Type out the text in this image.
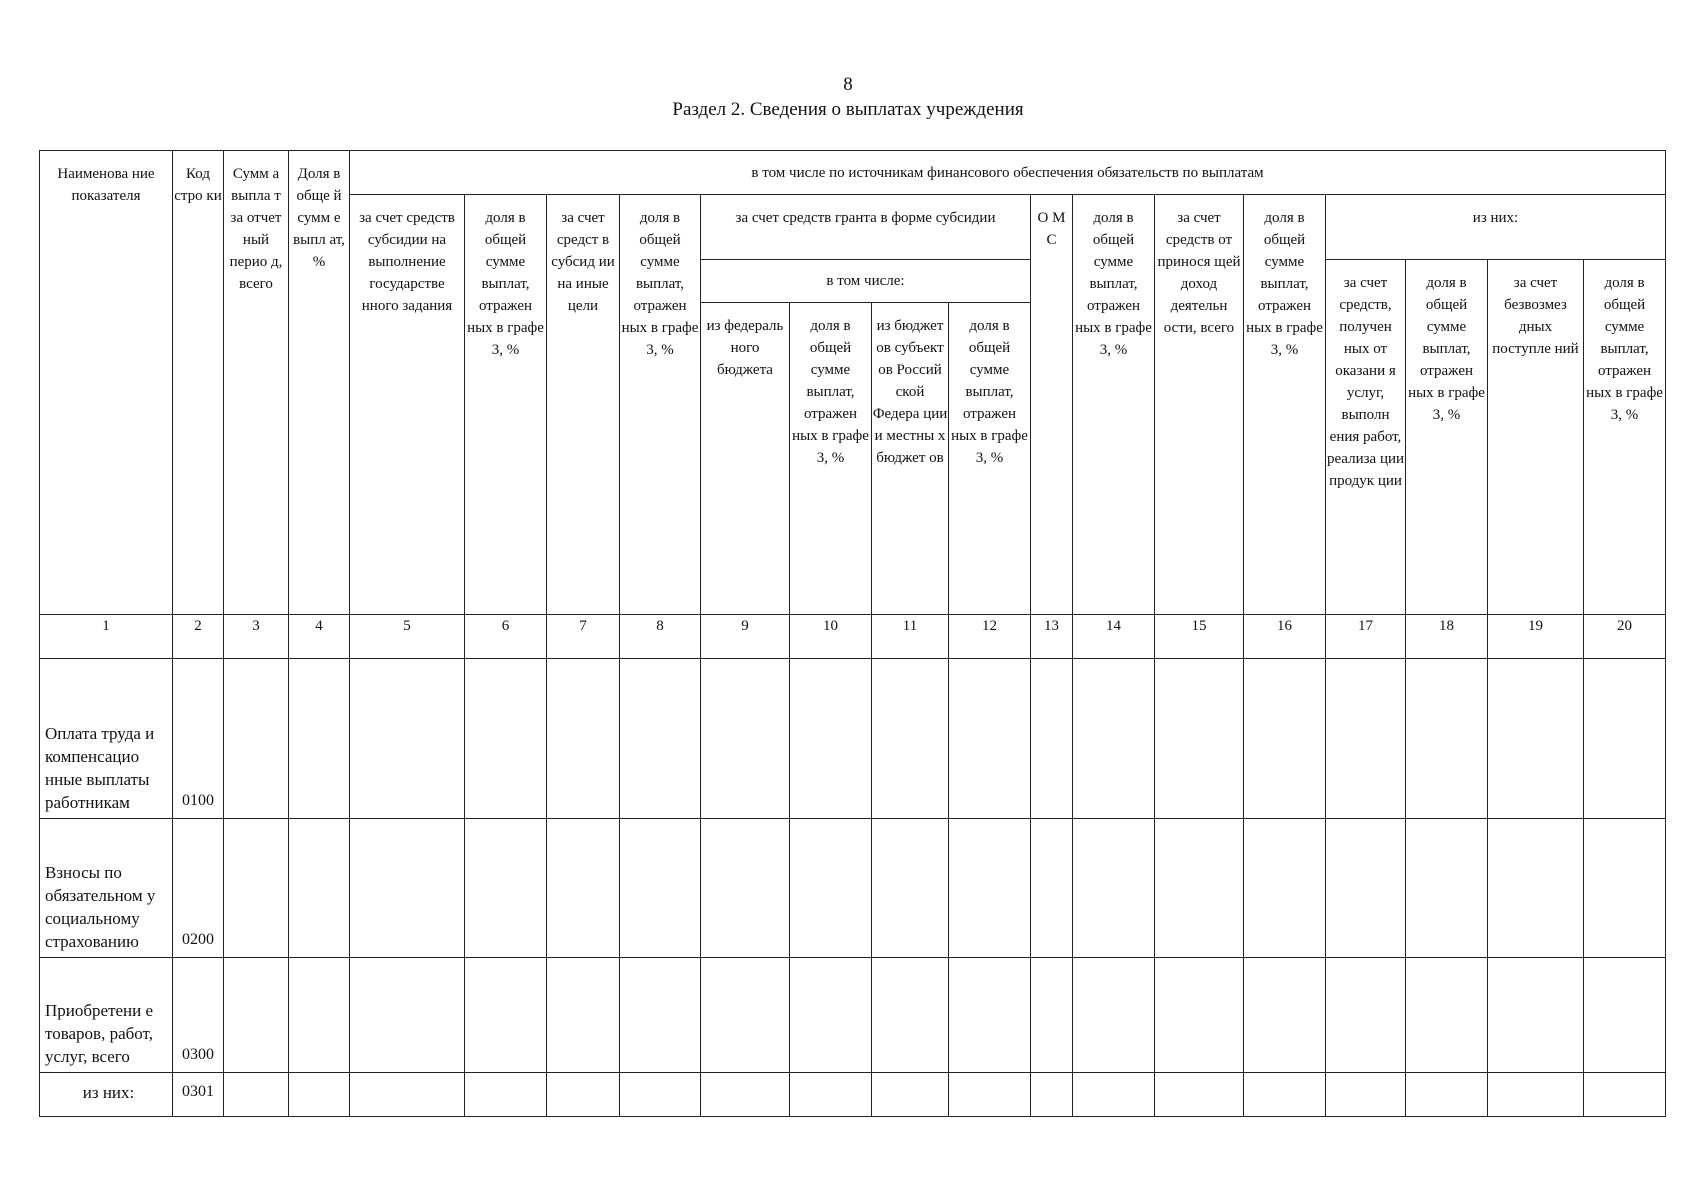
8
Раздел 2. Сведения о выплатах учреждения
Наименова ние показателя	Код стро ки	Сумм а выпла т за отчет ный перио д, всего	Доля в обще й сумм е выпл ат, %	в том числе по источникам финансового обеспечения обязательств по выплатам															
				за счет средств субсидии на выполнение государстве нного задания	доля в общей сумме выплат, отражен ных в графе 3, %	за счет средст в субсид ии на иные цели	доля в общей сумме выплат, отражен ных в графе 3, %	за счет средств гранта в форме субсидии				О М С	доля в общей сумме выплат, отражен ных в графе 3, %	за счет средств от принося щей доход деятельн ости, всего	доля в общей сумме выплат, отражен ных в графе 3, %	из них:			
								в том числе:								за счет средств, получен ных от оказани я услуг, выполн ения работ, реализа ции продук ции	доля в общей сумме выплат, отражен ных в графе 3, %	за счет безвозмез дных поступле ний	доля в общей сумме выплат, отражен ных в графе 3, %
								из федераль ного бюджета	доля в общей сумме выплат, отражен ных в графе 3, %	из бюджет ов субъект ов Россий ской Федера ции и местны х бюджет ов	доля в общей сумме выплат, отражен ных в графе 3, %								
1	2	3	4	5	6	7	8	9	10	11	12	13	14	15	16	17	18	19	20
Оплата труда и компенсацио нные выплаты работникам	0100																		
Взносы по обязательном у социальному страхованию	0200																		
Приобретени е товаров, работ, услуг, всего	0300																		
из них:	0301																		
